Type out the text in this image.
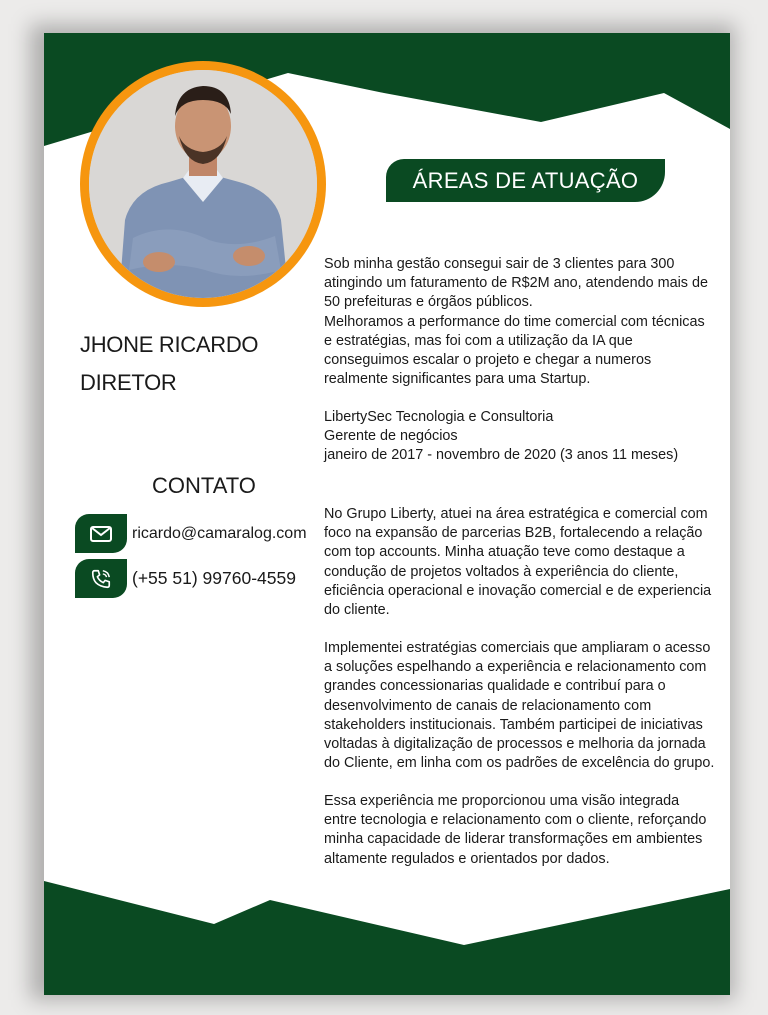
JHONE RICARDO
DIRETOR
CONTATO
ricardo@camaralog.com
(+55 51) 99760-4559
ÁREAS DE ATUAÇÃO

Sob minha gestão consegui sair de 3 clientes para 300

atingindo um faturamento de R$2M ano, atendendo mais de

50 prefeituras e órgãos públicos.

Melhoramos a performance do time comercial com técnicas

e estratégias, mas foi com a utilização da IA que

conseguimos escalar o projeto e chegar a numeros

realmente significantes para uma Startup.

LibertySec Tecnologia e Consultoria

Gerente de negócios

janeiro de 2017 - novembro de 2020 (3 anos 11 meses)

No Grupo Liberty, atuei na área estratégica e comercial com

foco na expansão de parcerias B2B, fortalecendo a relação

com top accounts. Minha atuação teve como destaque a

condução de projetos voltados à experiência do cliente,

eficiência operacional e inovação comercial e de experiencia

do cliente.

Implementei estratégias comerciais que ampliaram o acesso

a soluções espelhando a experiência e relacionamento com

grandes concessionarias qualidade e contribuí para o

desenvolvimento de canais de relacionamento com

stakeholders institucionais. Também participei de iniciativas

voltadas à digitalização de processos e melhoria da jornada

do Cliente, em linha com os padrões de excelência do grupo.

Essa experiência me proporcionou uma visão integrada

entre tecnologia e relacionamento com o cliente, reforçando

minha capacidade de liderar transformações em ambientes

altamente regulados e orientados por dados.
